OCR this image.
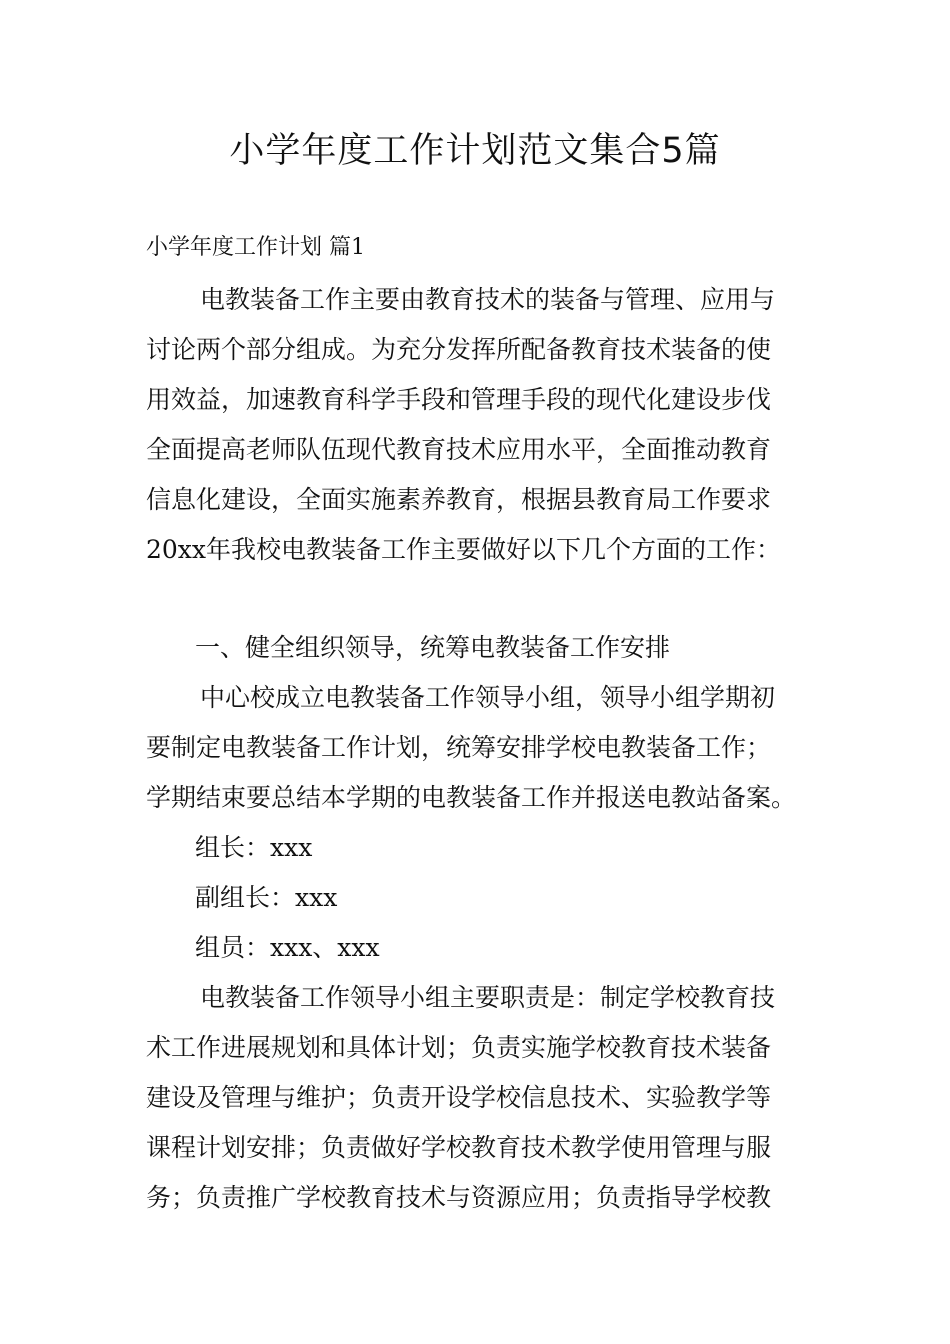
小学年度工作计划范文集合5篇
小学年度工作计划 篇1
电教装备工作主要由教育技术的装备与管理、应用与
讨论两个部分组成。为充分发挥所配备教育技术装备的使
用效益，加速教育科学手段和管理手段的现代化建设步伐
全面提高老师队伍现代教育技术应用水平，全面推动教育
信息化建设，全面实施素养教育，根据县教育局工作要求
20xx年我校电教装备工作主要做好以下几个方面的工作：
一、健全组织领导，统筹电教装备工作安排
中心校成立电教装备工作领导小组，领导小组学期初
要制定电教装备工作计划，统筹安排学校电教装备工作；
学期结束要总结本学期的电教装备工作并报送电教站备案。
组长：xxx
副组长：xxx
组员：xxx、xxx
电教装备工作领导小组主要职责是：制定学校教育技
术工作进展规划和具体计划；负责实施学校教育技术装备
建设及管理与维护；负责开设学校信息技术、实验教学等
课程计划安排；负责做好学校教育技术教学使用管理与服
务；负责推广学校教育技术与资源应用；负责指导学校教
